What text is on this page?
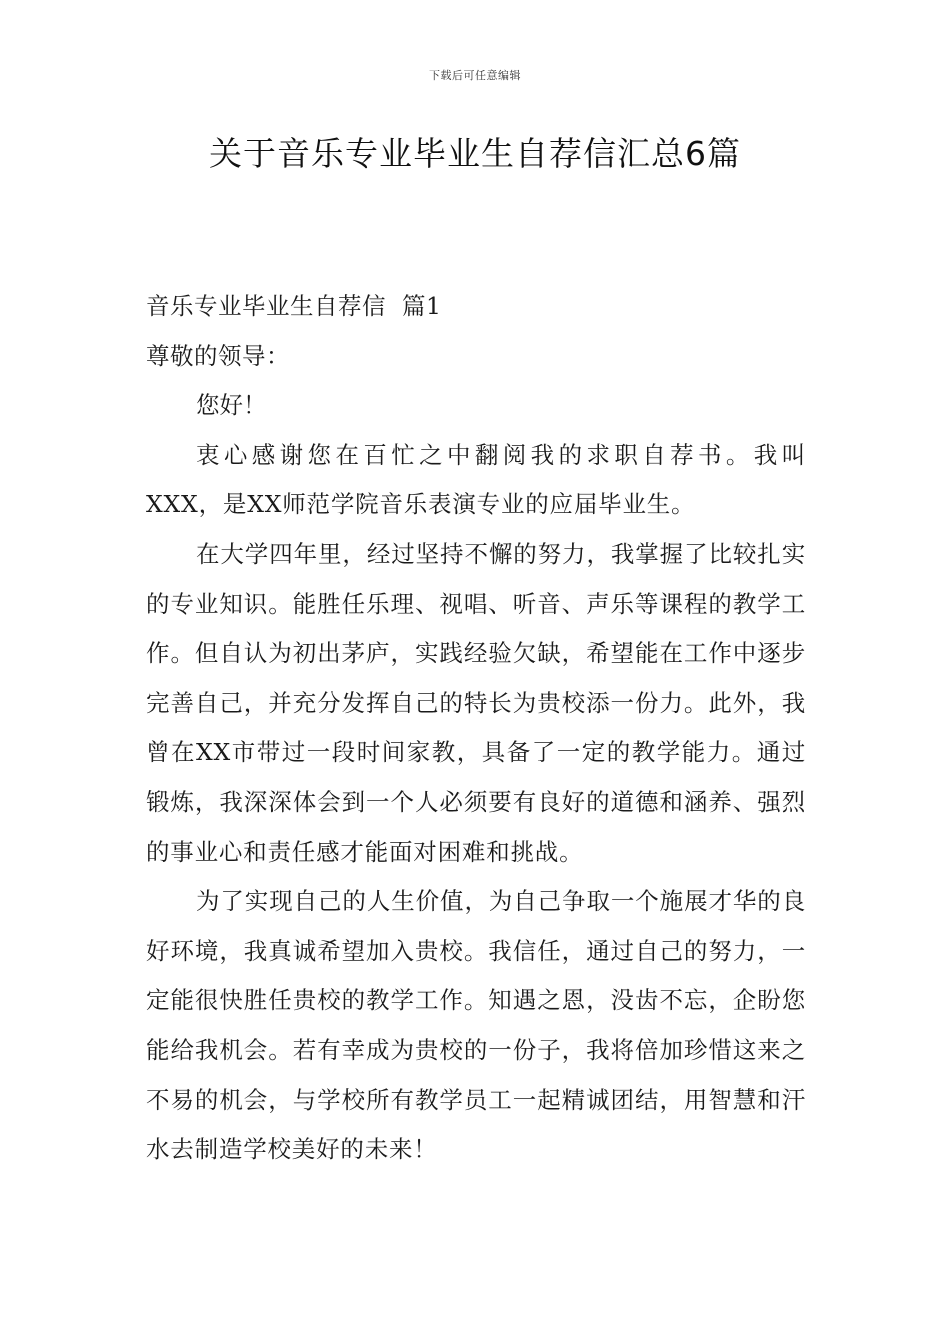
下载后可任意编辑
关于音乐专业毕业生自荐信汇总6篇

音乐专业毕业生自荐信  篇1

尊敬的领导：

您好！

衷心感谢您在百忙之中翻阅我的求职自荐书。我叫XXX，是XX师范学院音乐表演专业的应届毕业生。

在大学四年里，经过坚持不懈的努力，我掌握了比较扎实的专业知识。能胜任乐理、视唱、听音、声乐等课程的教学工作。但自认为初出茅庐，实践经验欠缺，希望能在工作中逐步完善自己，并充分发挥自己的特长为贵校添一份力。此外，我曾在XX市带过一段时间家教，具备了一定的教学能力。通过锻炼，我深深体会到一个人必须要有良好的道德和涵养、强烈的事业心和责任感才能面对困难和挑战。

为了实现自己的人生价值，为自己争取一个施展才华的良好环境，我真诚希望加入贵校。我信任，通过自己的努力，一定能很快胜任贵校的教学工作。知遇之恩，没齿不忘，企盼您能给我机会。若有幸成为贵校的一份子，我将倍加珍惜这来之不易的机会，与学校所有教学员工一起精诚团结，用智慧和汗水去制造学校美好的未来！
